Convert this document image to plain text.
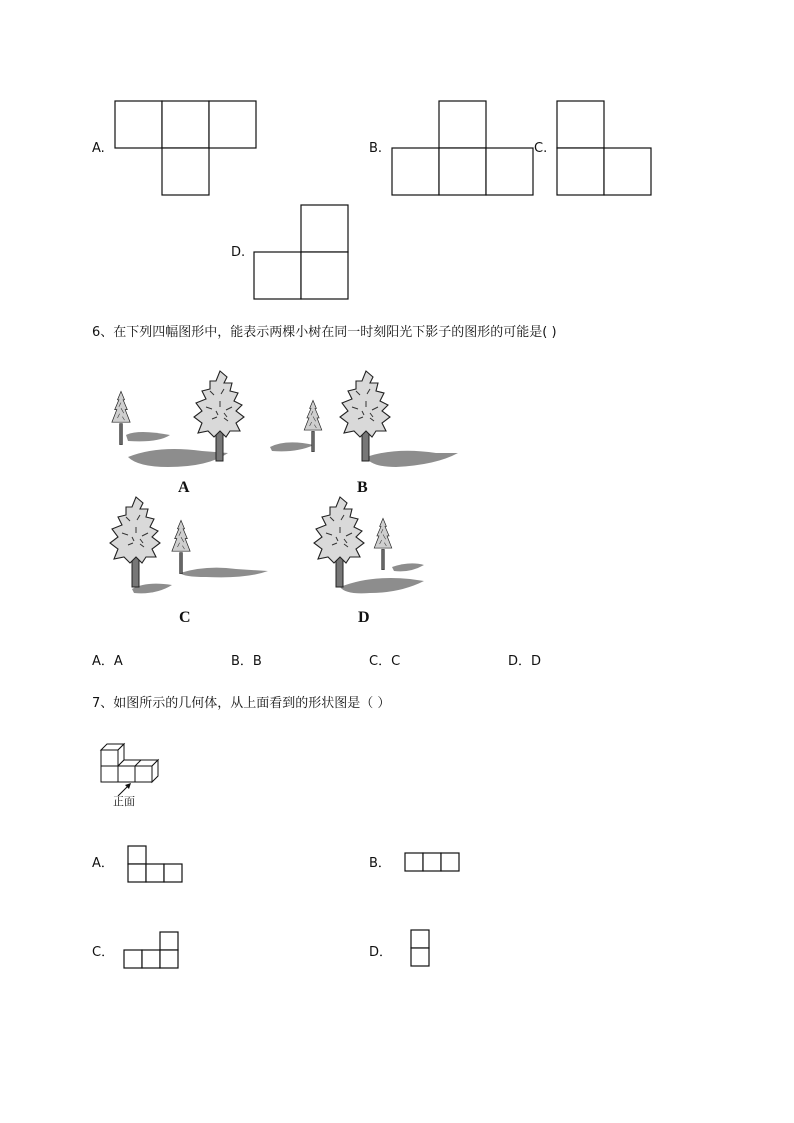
A.	B.	C.
D.
6、在下列四幅图形中，能表示两棵小树在同一时刻阳光下影子的图形的可能是( )
A	B
C	D
A．A	B．B	C．C	D．D
7、如图所示的几何体，从上面看到的形状图是（ ）
正面
A．	B．
C．	D．
